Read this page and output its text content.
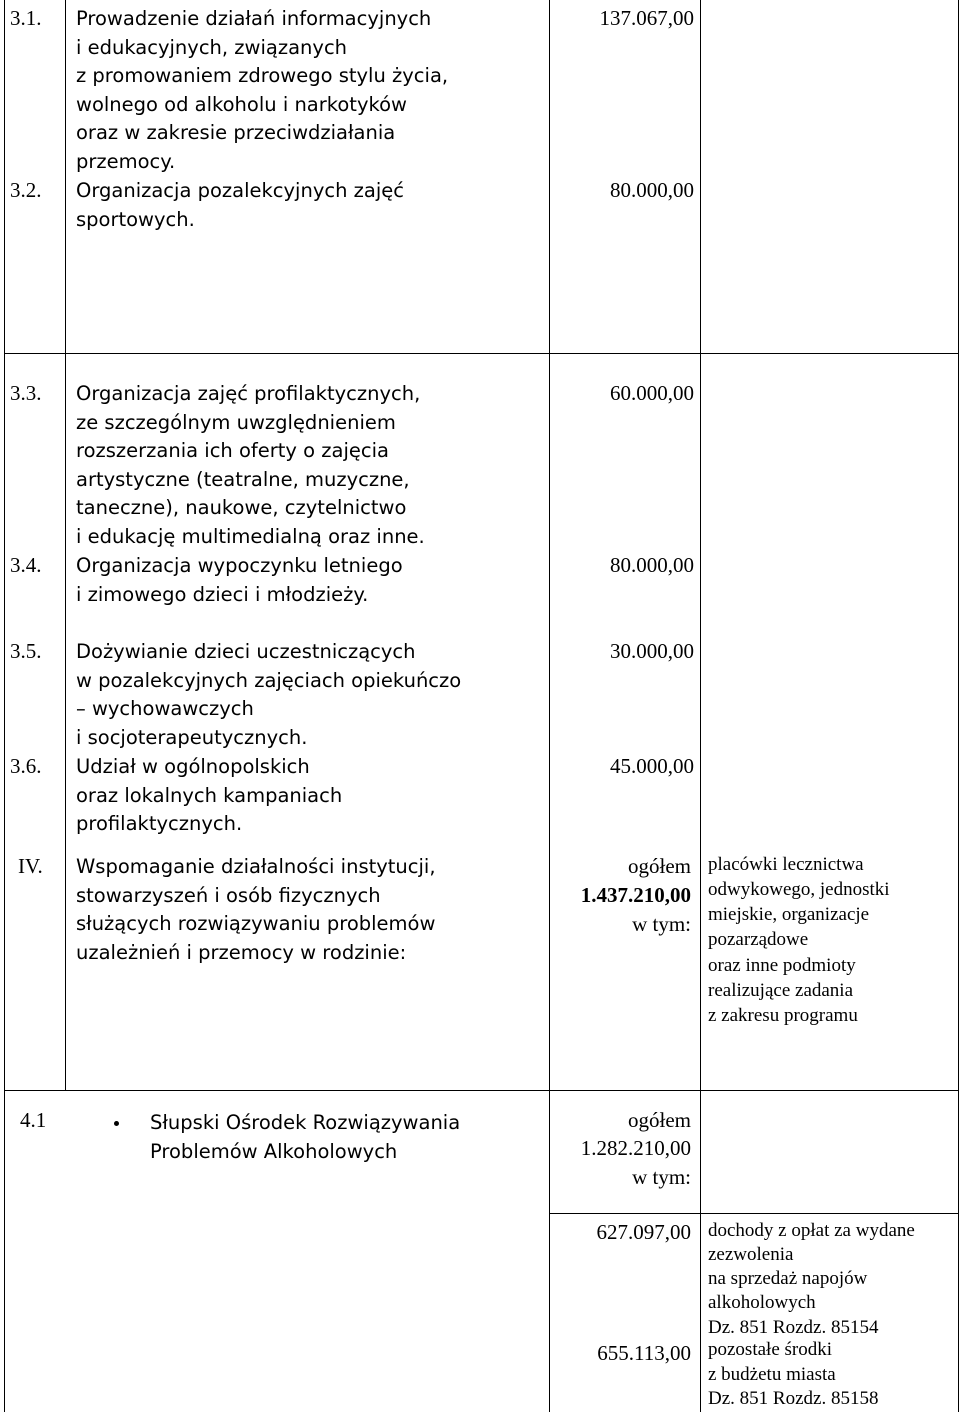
3.1. Prowadzenie działań informacyjnych
i edukacyjnych, związanych
z promowaniem zdrowego stylu życia,
wolnego od alkoholu i narkotyków
oraz w zakresie przeciwdziałania
przemocy.
137.067,00
3.2. Organizacja pozalekcyjnych zajęć
sportowych.
80.000,00
3.3. Organizacja zajęć profilaktycznych,
ze szczególnym uwzględnieniem
rozszerzania ich oferty o zajęcia
artystyczne (teatralne, muzyczne,
taneczne), naukowe, czytelnictwo
i edukację multimedialną oraz inne.
60.000,00
3.4. Organizacja wypoczynku letniego
i zimowego dzieci i młodzieży.
80.000,00
3.5. Dożywianie dzieci uczestniczących
w pozalekcyjnych zajęciach opiekuńczo
– wychowawczych
i socjoterapeutycznych.
30.000,00
3.6. Udział w ogólnopolskich
oraz lokalnych kampaniach
profilaktycznych.
45.000,00
IV. Wspomaganie działalności instytucji,
stowarzyszeń i osób fizycznych
służących rozwiązywaniu problemów
uzależnień i przemocy w rodzinie:
ogółem
1.437.210,00
w tym:
placówki lecznictwa
odwykowego, jednostki
miejskie, organizacje
pozarządowe
oraz inne podmioty
realizujące zadania
z zakresu programu
4.1	Słupski Ośrodek Rozwiązywania
Problemów Alkoholowych
ogółem
1.282.210,00
w tym:
627.097,00 dochody z opłat za wydane
zezwolenia
na sprzedaż napojów
alkoholowych
Dz. 851 Rozdz. 85154
655.113,00 pozostałe środki
z budżetu miasta
Dz. 851 Rozdz. 85158
